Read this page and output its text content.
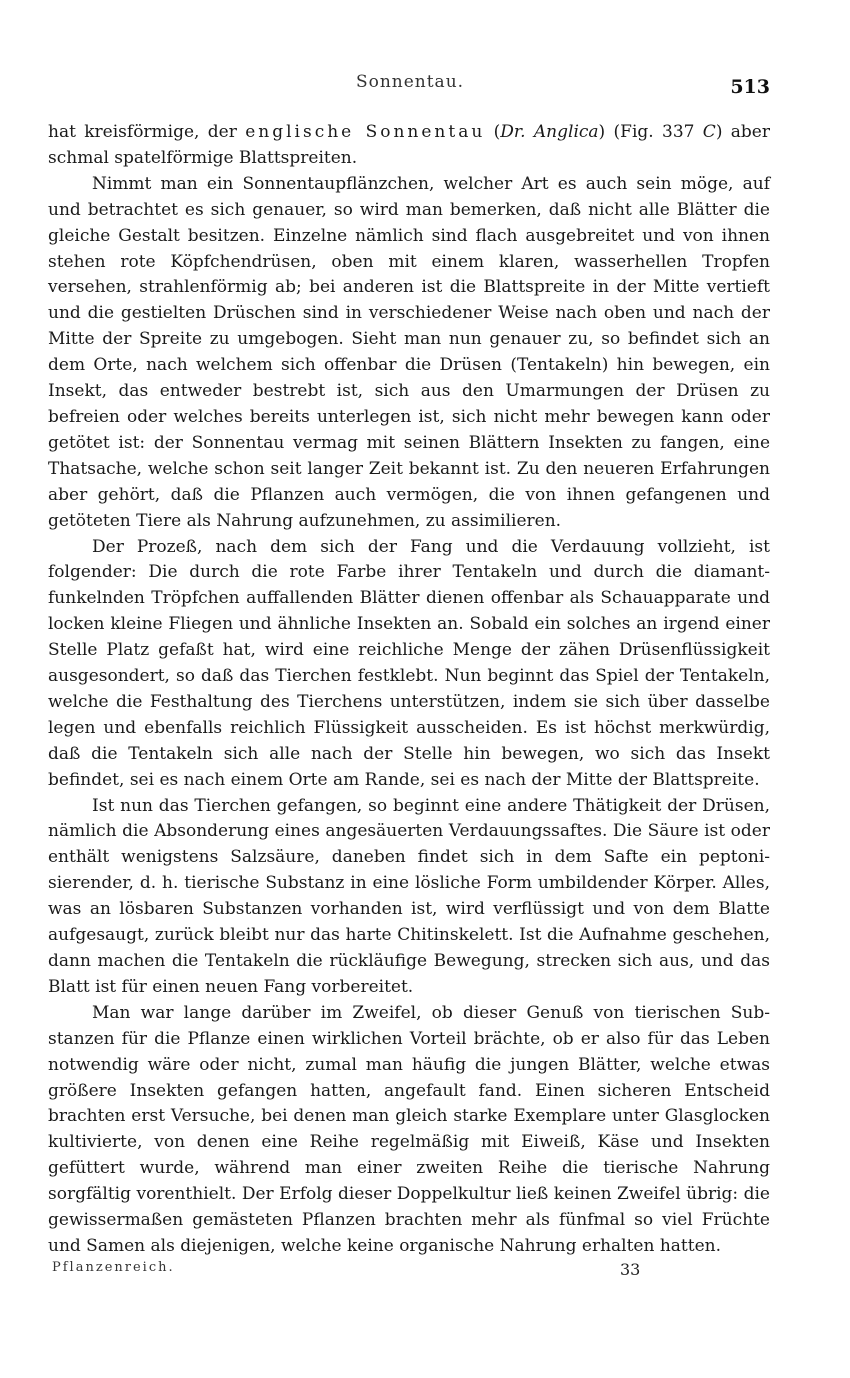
Sonnentau.	513

hat kreisförmige, der englische Sonnentau (Dr. Anglica) (Fig. 337 C) aber schmal spatelförmige Blattspreiten.

Nimmt man ein Sonnentaupflänzchen, welcher Art es auch sein möge, auf und betrachtet es sich genauer, so wird man bemerken, daß nicht alle Blätter die gleiche Gestalt besitzen. Einzelne nämlich sind flach ausgebreitet und von ihnen stehen rote Köpfchendrüsen, oben mit einem klaren, wasserhellen Tropfen versehen, strahlenförmig ab; bei anderen ist die Blattspreite in der Mitte vertieft und die gestielten Drüschen sind in verschiedener Weise nach oben und nach der Mitte der Spreite zu umgebogen. Sieht man nun genauer zu, so befindet sich an dem Orte, nach welchem sich offenbar die Drüsen (Tentakeln) hin bewegen, ein Insekt, das entweder bestrebt ist, sich aus den Umarmungen der Drüsen zu befreien oder welches bereits unterlegen ist, sich nicht mehr bewegen kann oder getötet ist: der Sonnentau vermag mit seinen Blättern Insekten zu fangen, eine Thatsache, welche schon seit langer Zeit bekannt ist. Zu den neueren Erfahrungen aber gehört, daß die Pflanzen auch vermögen, die von ihnen gefangenen und getöteten Tiere als Nahrung aufzunehmen, zu assimilieren.

Der Prozeß, nach dem sich der Fang und die Verdauung vollzieht, ist folgender: Die durch die rote Farbe ihrer Tentakeln und durch die diamant-funkelnden Tröpfchen auffallenden Blätter dienen offenbar als Schauapparate und locken kleine Fliegen und ähnliche Insekten an. Sobald ein solches an irgend einer Stelle Platz gefaßt hat, wird eine reichliche Menge der zähen Drüsenflüssigkeit ausgesondert, so daß das Tierchen festklebt. Nun beginnt das Spiel der Tentakeln, welche die Festhaltung des Tierchens unterstützen, indem sie sich über dasselbe legen und ebenfalls reichlich Flüssigkeit ausscheiden. Es ist höchst merkwürdig, daß die Tentakeln sich alle nach der Stelle hin bewegen, wo sich das Insekt befindet, sei es nach einem Orte am Rande, sei es nach der Mitte der Blattspreite.

Ist nun das Tierchen gefangen, so beginnt eine andere Thätigkeit der Drüsen, nämlich die Absonderung eines angesäuerten Verdauungssaftes. Die Säure ist oder enthält wenigstens Salzsäure, daneben findet sich in dem Safte ein peptoni-sierender, d. h. tierische Substanz in eine lösliche Form umbildender Körper. Alles, was an lösbaren Substanzen vorhanden ist, wird verflüssigt und von dem Blatte aufgesaugt, zurück bleibt nur das harte Chitinskelett. Ist die Aufnahme geschehen, dann machen die Tentakeln die rückläufige Bewegung, strecken sich aus, und das Blatt ist für einen neuen Fang vorbereitet.

Man war lange darüber im Zweifel, ob dieser Genuß von tierischen Sub-stanzen für die Pflanze einen wirklichen Vorteil brächte, ob er also für das Leben notwendig wäre oder nicht, zumal man häufig die jungen Blätter, welche etwas größere Insekten gefangen hatten, angefault fand. Einen sicheren Entscheid brachten erst Versuche, bei denen man gleich starke Exemplare unter Glasglocken kultivierte, von denen eine Reihe regelmäßig mit Eiweiß, Käse und Insekten gefüttert wurde, während man einer zweiten Reihe die tierische Nahrung sorgfältig vorenthielt. Der Erfolg dieser Doppelkultur ließ keinen Zweifel übrig: die gewissermaßen gemästeten Pflanzen brachten mehr als fünfmal so viel Früchte und Samen als diejenigen, welche keine organische Nahrung erhalten hatten.

Pflanzenreich.	33
